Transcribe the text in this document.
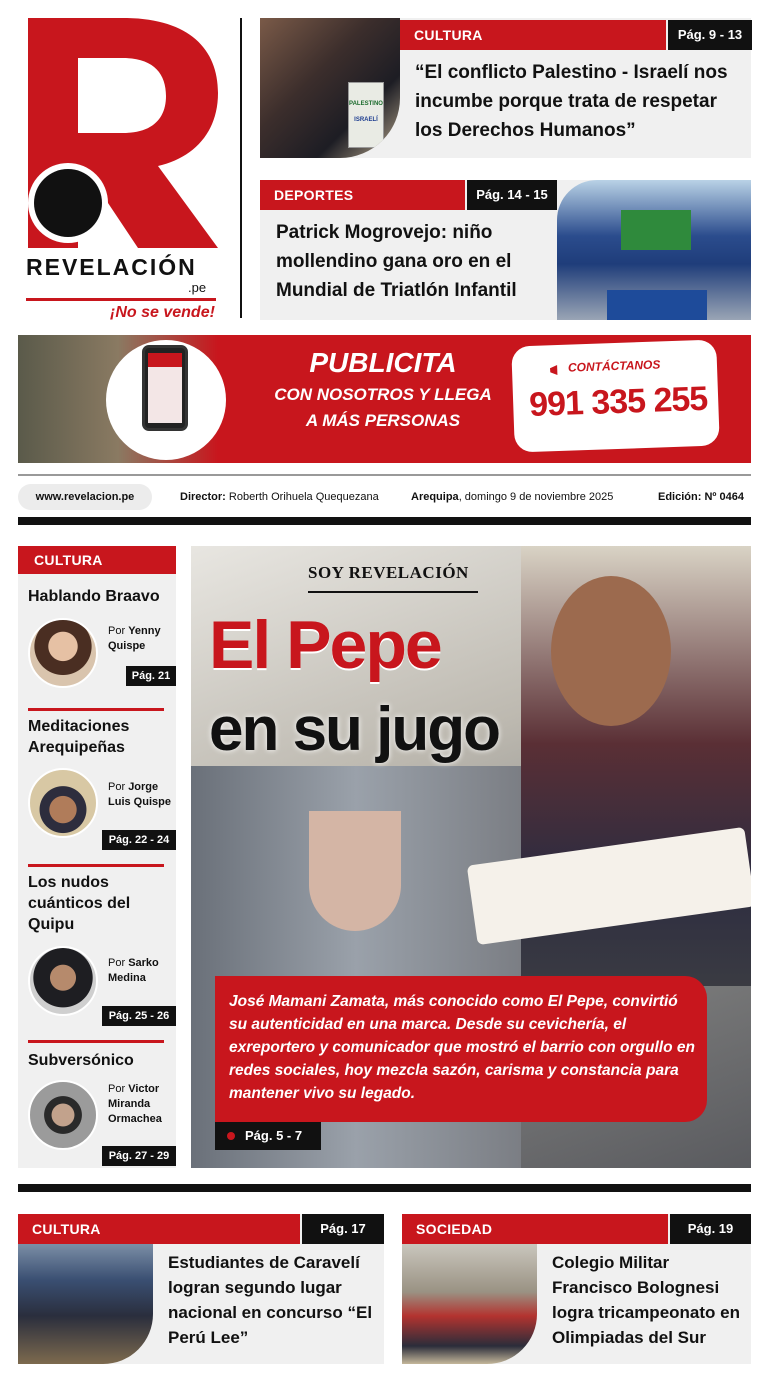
REVELACIÓN
.pe
¡No se vende!
PALESTINO
ISRAELÍ
CULTURA	Pág. 9 - 13
“El conflicto Palestino - Israelí nos incumbe porque trata de respetar los Derechos Humanos”
DEPORTES	Pág. 14 - 15
Patrick Mogrovejo: niño mollendino gana oro en el Mundial de Triatlón Infantil
PUBLICITA
CON NOSOTROS Y LLEGA
A MÁS PERSONAS
CONTÁCTANOS
991 335 255
www.revelacion.pe	Director: Roberth Orihuela Quequezana	Arequipa, domingo 9 de noviembre 2025	Edición: Nº 0464
CULTURA
Hablando Braavo
Por Yenny Quispe
Pág. 21
Meditaciones Arequipeñas
Por Jorge Luis Quispe
Pág. 22 - 24
Los nudos cuánticos del Quipu
Por Sarko Medina
Pág. 25 - 26
Subversónico
Por Victor Miranda Ormachea
Pág. 27 - 29
SOY REVELACIÓN
El Pepe
en su jugo
José Mamani Zamata, más conocido como El Pepe, convirtió su autenticidad en una marca. Desde su cevichería, el exreportero y comunicador que mostró el barrio con orgullo en redes sociales, hoy mezcla sazón, carisma y constancia para mantener vivo su legado.
Pág. 5 - 7
CULTURA	Pág. 17
Estudiantes de Caravelí logran segundo lugar nacional en concurso “El Perú Lee”
SOCIEDAD	Pág. 19
Colegio Militar Francisco Bolognesi logra tricampeonato en Olimpiadas del Sur
